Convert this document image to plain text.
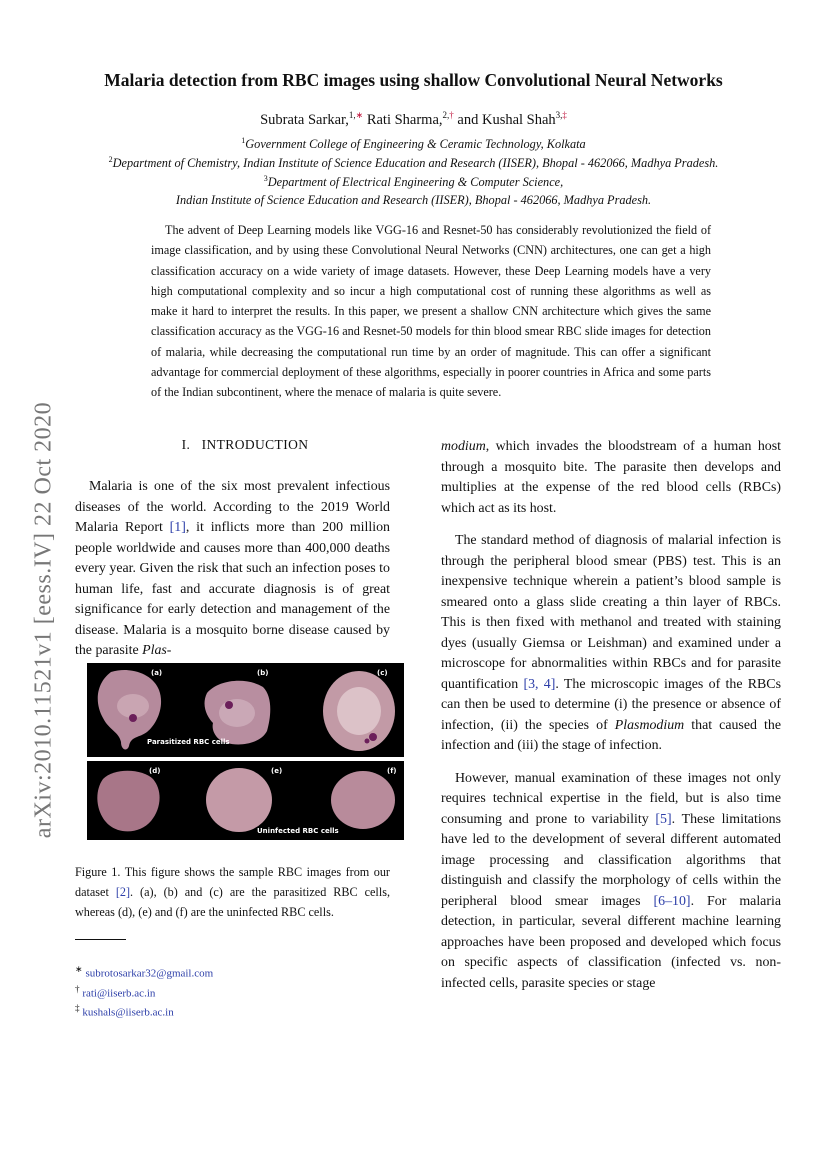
arXiv:2010.11521v1 [eess.IV] 22 Oct 2020
Malaria detection from RBC images using shallow Convolutional Neural Networks
Subrata Sarkar,$^{1,∗}$ Rati Sharma,$^{2,\dagger}$ and Kushal Shah$^{3,\ddagger}$
$^1$Government College of Engineering & Ceramic Technology, Kolkata
$^2$Department of Chemistry, Indian Institute of Science Education and Research (IISER), Bhopal - 462066, Madhya Pradesh.
$^3$Department of Electrical Engineering & Computer Science,
Indian Institute of Science Education and Research (IISER), Bhopal - 462066, Madhya Pradesh.

The advent of Deep Learning models like VGG-16 and Resnet-50 has considerably revolutionized the field of image classification, and by using these Convolutional Neural Networks (CNN) architectures, one can get a high classification accuracy on a wide variety of image datasets. However, these Deep Learning models have a very high computational complexity and so incur a high computational cost of running these algorithms as well as make it hard to interpret the results. In this paper, we present a shallow CNN architecture which gives the same classification accuracy as the VGG-16 and Resnet-50 models for thin blood smear RBC slide images for detection of malaria, while decreasing the computational run time by an order of magnitude. This can offer a significant advantage for commercial deployment of these algorithms, especially in poorer countries in Africa and some parts of the Indian subcontinent, where the menace of malaria is quite severe.

I. INTRODUCTION

Malaria is one of the six most prevalent infectious diseases of the world. According to the 2019 World Malaria Report [1], it inflicts more than 200 million people worldwide and causes more than 400,000 deaths every year. Given the risk that such an infection poses to human life, fast and accurate diagnosis is of great significance for early detection and management of the disease. Malaria is a mosquito borne disease caused by the parasite Plas-

(a)	(b)	(c)
Parasitized RBC cells
(d)	(e)	(f)
Uninfected RBC cells
Figure 1. This figure shows the sample RBC images from our dataset [2]. (a), (b) and (c) are the parasitized RBC cells, whereas (d), (e) and (f) are the uninfected RBC cells.
∗ subrotosarkar32@gmail.com
† rati@iiserb.ac.in
‡ kushals@iiserb.ac.in

modium, which invades the bloodstream of a human host through a mosquito bite. The parasite then develops and multiplies at the expense of the red blood cells (RBCs) which act as its host.

The standard method of diagnosis of malarial infection is through the peripheral blood smear (PBS) test. This is an inexpensive technique wherein a patient’s blood sample is smeared onto a glass slide creating a thin layer of RBCs. This is then fixed with methanol and treated with staining dyes (usually Giemsa or Leishman) and examined under a microscope for abnormalities within RBCs and for parasite quantification [3, 4]. The microscopic images of the RBCs can then be used to determine (i) the presence or absence of infection, (ii) the species of Plasmodium that caused the infection and (iii) the stage of infection.

However, manual examination of these images not only requires technical expertise in the field, but is also time consuming and prone to variability [5]. These limitations have led to the development of several different automated image processing and classification algorithms that distinguish and classify the morphology of cells within the peripheral blood smear images [6–10]. For malaria detection, in particular, several different machine learning approaches have been proposed and developed which focus on specific aspects of classification (infected vs. non-infected cells, parasite species or stage
